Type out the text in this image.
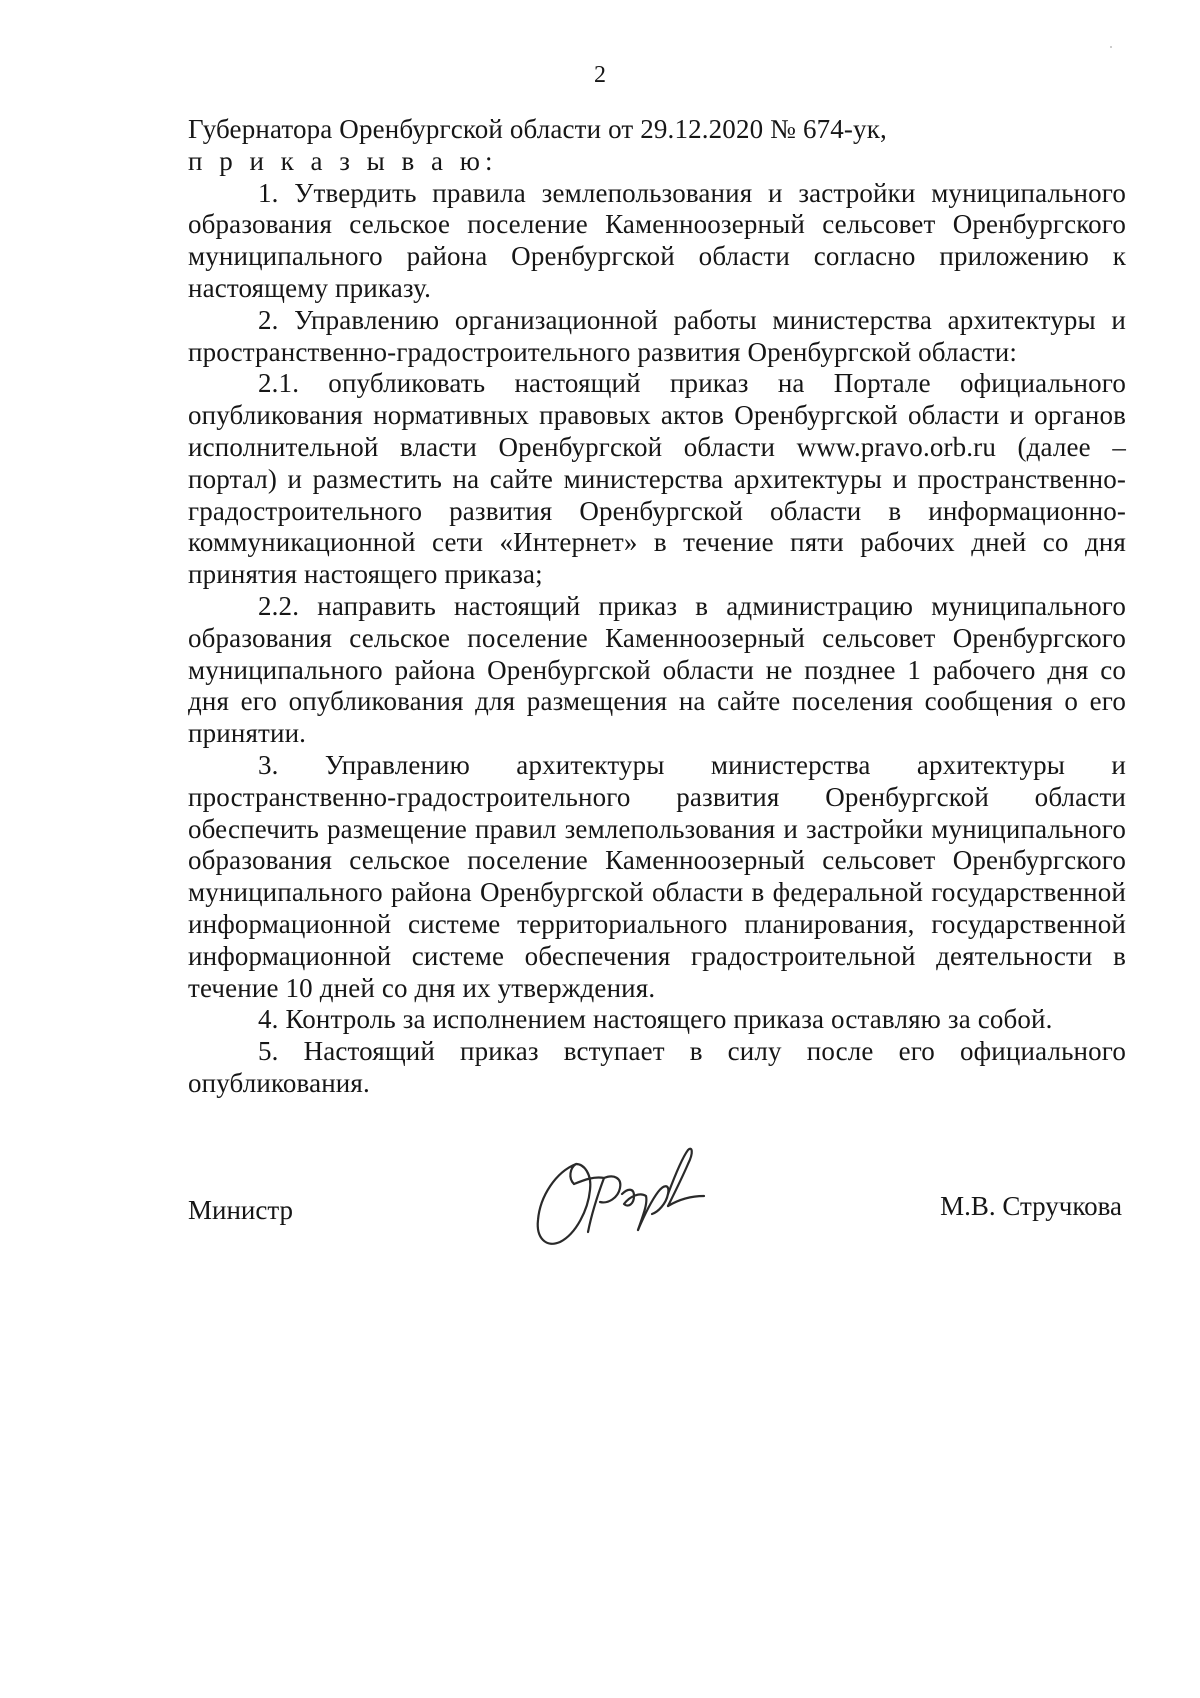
2

Губернатора Оренбургской области от 29.12.2020 № 674-ук,

п р и к а з ы в а ю:

1. Утвердить правила землепользования и застройки муниципального образования сельское поселение Каменноозерный сельсовет Оренбургского муниципального района Оренбургской области согласно приложению к настоящему приказу.

2. Управлению организационной работы министерства архитектуры и пространственно-градостроительного развития Оренбургской области:

2.1. опубликовать настоящий приказ на Портале официального опубликования нормативных правовых актов Оренбургской области и органов исполнительной власти Оренбургской области www.pravo.orb.ru (далее – портал) и разместить на сайте министерства архитектуры и пространственно-градостроительного развития Оренбургской области в информационно-коммуникационной сети «Интернет» в течение пяти рабочих дней со дня принятия настоящего приказа;

2.2. направить настоящий приказ в администрацию муниципального образования сельское поселение Каменноозерный сельсовет Оренбургского муниципального района Оренбургской области не позднее 1 рабочего дня со дня его опубликования для размещения на сайте поселения сообщения о его принятии.

3. Управлению архитектуры министерства архитектуры и пространственно-градостроительного развития Оренбургской области обеспечить размещение правил землепользования и застройки муниципального образования сельское поселение Каменноозерный сельсовет Оренбургского муниципального района Оренбургской области в федеральной государственной информационной системе территориального планирования, государственной информационной системе обеспечения градостроительной деятельности в течение 10 дней со дня их утверждения.

4. Контроль за исполнением настоящего приказа оставляю за собой.

5. Настоящий приказ вступает в силу после его официального опубликования.

Министр	М.В. Стручкова
